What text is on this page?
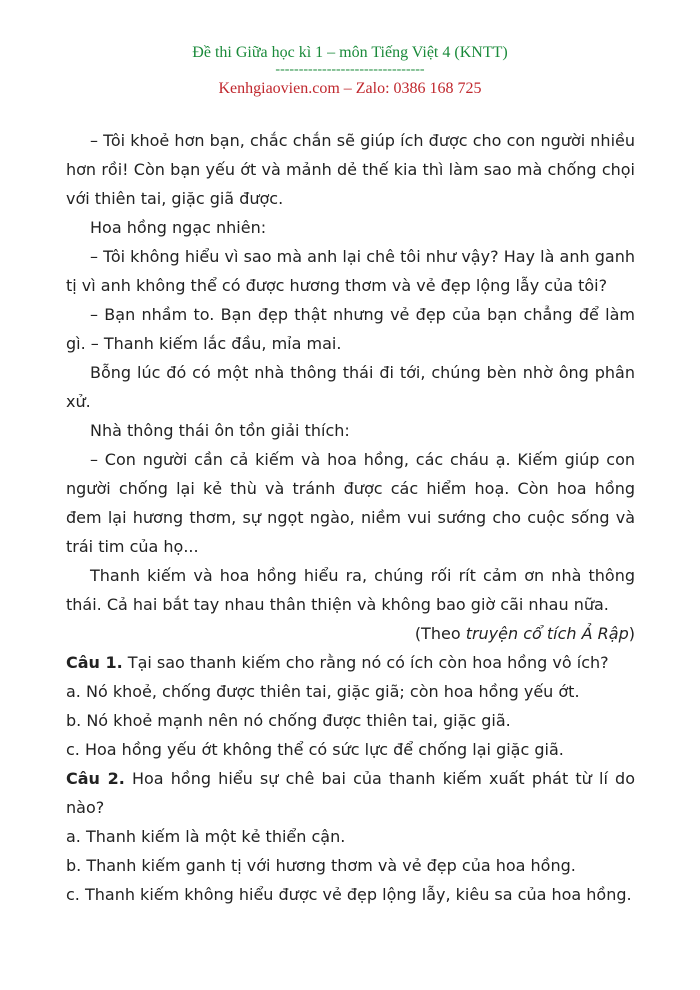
Đề thi Giữa học kì 1 – môn Tiếng Việt 4 (KNTT)
--------------------------------
Kenhgiaovien.com – Zalo: 0386 168 725

– Tôi khoẻ hơn bạn, chắc chắn sẽ giúp ích được cho con người nhiều hơn rồi! Còn bạn yếu ớt và mảnh dẻ thế kia thì làm sao mà chống chọi với thiên tai, giặc giã được.

Hoa hồng ngạc nhiên:

– Tôi không hiểu vì sao mà anh lại chê tôi như vậy? Hay là anh ganh tị vì anh không thể có được hương thơm và vẻ đẹp lộng lẫy của tôi?

– Bạn nhầm to. Bạn đẹp thật nhưng vẻ đẹp của bạn chẳng để làm gì. – Thanh kiếm lắc đầu, mỉa mai.

Bỗng lúc đó có một nhà thông thái đi tới, chúng bèn nhờ ông phân xử.

Nhà thông thái ôn tồn giải thích:

– Con người cần cả kiếm và hoa hồng, các cháu ạ. Kiếm giúp con người chống lại kẻ thù và tránh được các hiểm hoạ. Còn hoa hồng đem lại hương thơm, sự ngọt ngào, niềm vui sướng cho cuộc sống và trái tim của họ...

Thanh kiếm và hoa hồng hiểu ra, chúng rối rít cảm ơn nhà thông thái. Cả hai bắt tay nhau thân thiện và không bao giờ cãi nhau nữa.

(Theo truyện cổ tích Ả Rập)

Câu 1. Tại sao thanh kiếm cho rằng nó có ích còn hoa hồng vô ích?

a. Nó khoẻ, chống được thiên tai, giặc giã; còn hoa hồng yếu ớt.

b. Nó khoẻ mạnh nên nó chống được thiên tai, giặc giã.

c. Hoa hồng yếu ớt không thể có sức lực để chống lại giặc giã.

Câu 2. Hoa hồng hiểu sự chê bai của thanh kiếm xuất phát từ lí do nào?

a. Thanh kiếm là một kẻ thiển cận.

b. Thanh kiếm ganh tị với hương thơm và vẻ đẹp của hoa hồng.

c. Thanh kiếm không hiểu được vẻ đẹp lộng lẫy, kiêu sa của hoa hồng.
